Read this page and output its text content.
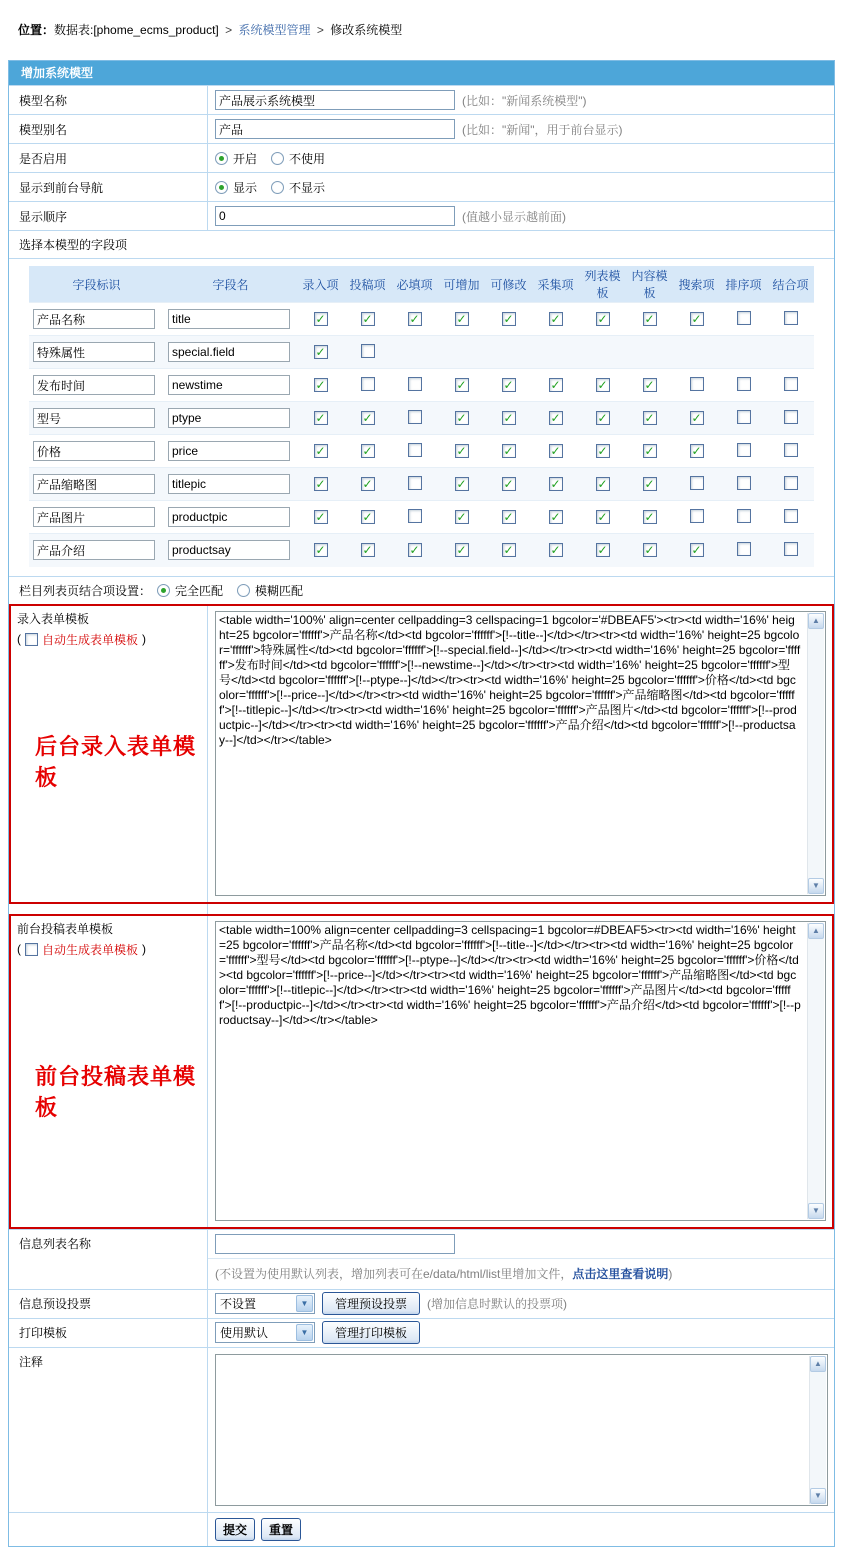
位置：数据表:[phome_ecms_product] > 系统模型管理 > 修改系统模型
增加系统模型
模型名称
产品展示系统模型	(比如："新闻系统模型")
模型别名
产品	(比如："新闻"，用于前台显示)
是否启用	开启	不使用
显示到前台导航	显示	不显示
显示顺序
0	(值越小显示越前面)
选择本模型的字段项
字段标识	字段名	录入项	投稿项	必填项	可增加	可修改	采集项	列表模板	内容模板	搜索项	排序项	结合项
产品名称	title	✓	✓	✓	✓	✓	✓	✓	✓	✓		
特殊属性	special.field	✓										
发布时间	newstime	✓			✓	✓	✓	✓	✓			
型号	ptype	✓	✓		✓	✓	✓	✓	✓	✓		
价格	price	✓	✓		✓	✓	✓	✓	✓	✓		
产品缩略图	titlepic	✓	✓		✓	✓	✓	✓	✓			
产品图片	productpic	✓	✓		✓	✓	✓	✓	✓			
产品介绍	productsay	✓	✓	✓	✓	✓	✓	✓	✓	✓		
栏目列表页结合项设置： 完全匹配	模糊匹配
录入表单模板
( 自动生成表单模板 )
后台录入表单模板
<table width='100%' align=center cellpadding=3 cellspacing=1 bgcolor='#DBEAF5'><tr><td width='16%' height=25 bgcolor='ffffff'>产品名称</td><td bgcolor='ffffff'>[!--title--]</td></tr><tr><td width='16%' height=25 bgcolor='ffffff'>特殊属性</td><td bgcolor='ffffff'>[!--special.field--]</td></tr><tr><td width='16%' height=25 bgcolor='ffffff'>发布时间</td><td bgcolor='ffffff'>[!--newstime--]</td></tr><tr><td width='16%' height=25 bgcolor='ffffff'>型号</td><td bgcolor='ffffff'>[!--ptype--]</td></tr><tr><td width='16%' height=25 bgcolor='ffffff'>价格</td><td bgcolor='ffffff'>[!--price--]</td></tr><tr><td width='16%' height=25 bgcolor='ffffff'>产品缩略图</td><td bgcolor='ffffff'>[!--titlepic--]</td></tr><tr><td width='16%' height=25 bgcolor='ffffff'>产品图片</td><td bgcolor='ffffff'>[!--productpic--]</td></tr><tr><td width='16%' height=25 bgcolor='ffffff'>产品介绍</td><td bgcolor='ffffff'>[!--productsay--]</td></tr></table>
▲
▼
前台投稿表单模板
( 自动生成表单模板 )
前台投稿表单模板
<table width=100% align=center cellpadding=3 cellspacing=1 bgcolor=#DBEAF5><tr><td width='16%' height=25 bgcolor='ffffff'>产品名称</td><td bgcolor='ffffff'>[!--title--]</td></tr><tr><td width='16%' height=25 bgcolor='ffffff'>型号</td><td bgcolor='ffffff'>[!--ptype--]</td></tr><tr><td width='16%' height=25 bgcolor='ffffff'>价格</td><td bgcolor='ffffff'>[!--price--]</td></tr><tr><td width='16%' height=25 bgcolor='ffffff'>产品缩略图</td><td bgcolor='ffffff'>[!--titlepic--]</td></tr><tr><td width='16%' height=25 bgcolor='ffffff'>产品图片</td><td bgcolor='ffffff'>[!--productpic--]</td></tr><tr><td width='16%' height=25 bgcolor='ffffff'>产品介绍</td><td bgcolor='ffffff'>[!--productsay--]</td></tr></table>
▲
▼
信息列表名称
(不设置为使用默认列表，增加列表可在e/data/html/list里增加文件，点击这里查看说明)
信息预设投票	不设置	▼	管理预设投票	(增加信息时默认的投票项)
打印模板	使用默认	▼	管理打印模板
注释	▲
▼
提交	重置
